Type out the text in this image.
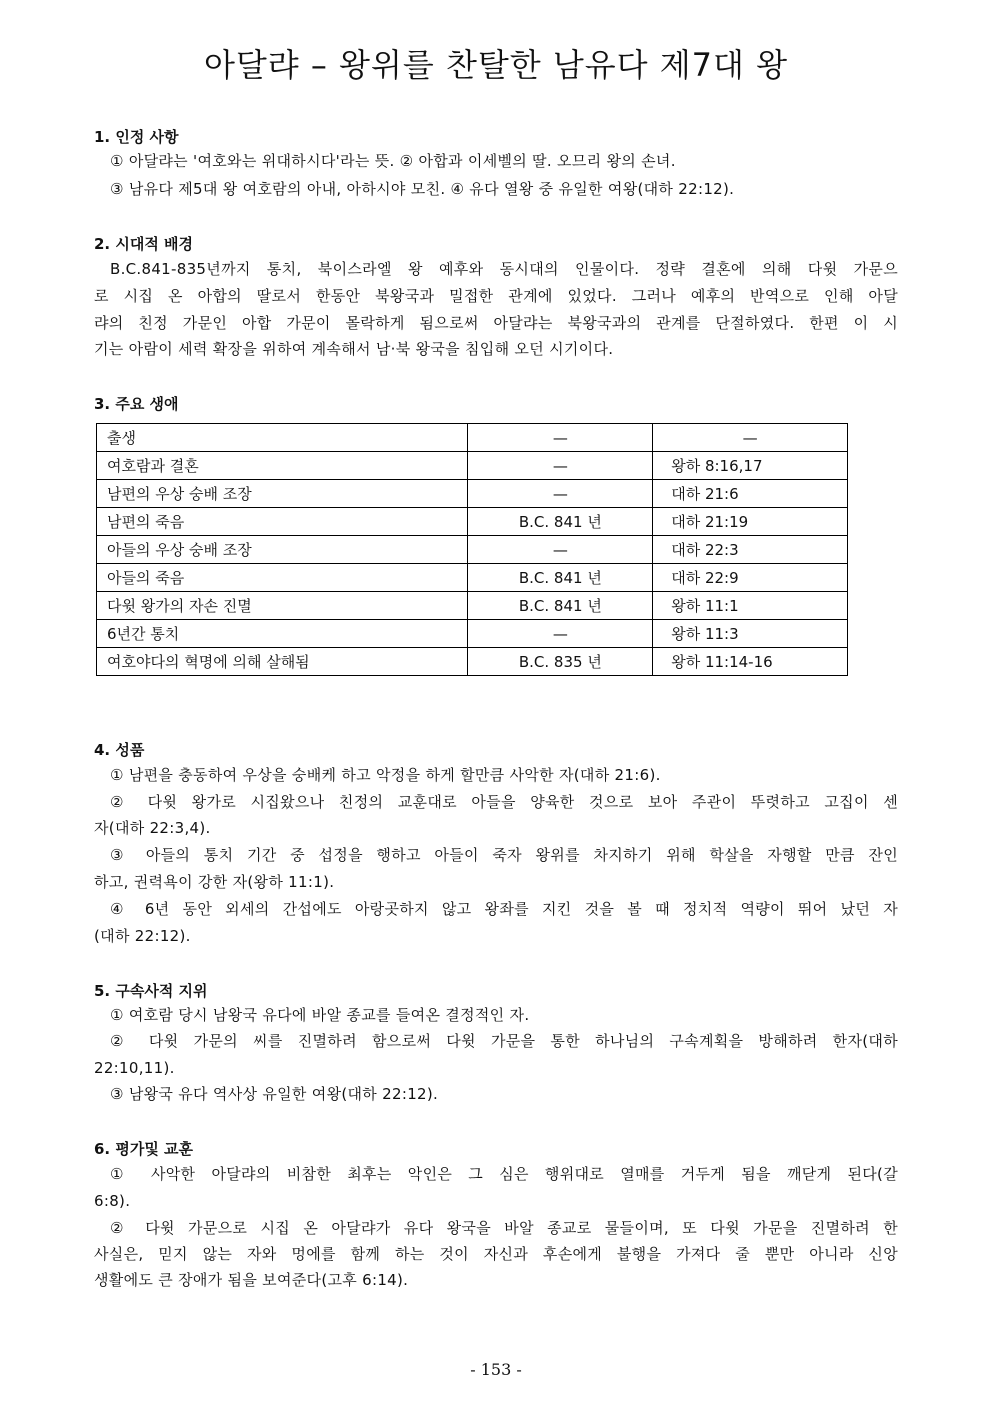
아달랴 – 왕위를 찬탈한 남유다 제7대 왕
1. 인정 사항
① 아달랴는 '여호와는 위대하시다'라는 뜻. ② 아합과 이세벨의 딸. 오므리 왕의 손녀.
③ 남유다 제5대 왕 여호람의 아내, 아하시야 모친. ④ 유다 열왕 중 유일한 여왕(대하 22:12).
2. 시대적 배경
B.C.841-835년까지 통치, 북이스라엘 왕 예후와 동시대의 인물이다. 정략 결혼에 의해 다윗 가문으
로 시집 온 아합의 딸로서 한동안 북왕국과 밀접한 관계에 있었다. 그러나 예후의 반역으로 인해 아달
랴의 친정 가문인 아합 가문이 몰락하게 됨으로써 아달랴는 북왕국과의 관계를 단절하였다. 한편 이 시
기는 아람이 세력 확장을 위하여 계속해서 남·북 왕국을 침입해 오던 시기이다.
3. 주요 생애
출생	—	—
여호람과 결혼	—	왕하 8:16,17
남편의 우상 숭배 조장	—	대하 21:6
남편의 죽음	B.C. 841 년	대하 21:19
아들의 우상 숭배 조장	—	대하 22:3
아들의 죽음	B.C. 841 년	대하 22:9
다윗 왕가의 자손 진멸	B.C. 841 년	왕하 11:1
6년간 통치	—	왕하 11:3
여호야다의 혁명에 의해 살해됨	B.C. 835 년	왕하 11:14-16
4. 성품
① 남편을 충동하여 우상을 숭배케 하고 악정을 하게 할만큼 사악한 자(대하 21:6).
② 다윗 왕가로 시집왔으나 친정의 교훈대로 아들을 양육한 것으로 보아 주관이 뚜렷하고 고집이 센
자(대하 22:3,4).
③ 아들의 통치 기간 중 섭정을 행하고 아들이 죽자 왕위를 차지하기 위해 학살을 자행할 만큼 잔인
하고, 권력욕이 강한 자(왕하 11:1).
④ 6년 동안 외세의 간섭에도 아랑곳하지 않고 왕좌를 지킨 것을 볼 때 정치적 역량이 뛰어 났던 자
(대하 22:12).
5. 구속사적 지위
① 여호람 당시 남왕국 유다에 바알 종교를 들여온 결정적인 자.
② 다윗 가문의 씨를 진멸하려 함으로써 다윗 가문을 통한 하나님의 구속계획을 방해하려 한자(대하
22:10,11).
③ 남왕국 유다 역사상 유일한 여왕(대하 22:12).
6. 평가및 교훈
① 사악한 아달랴의 비참한 최후는 악인은 그 심은 행위대로 열매를 거두게 됨을 깨닫게 된다(갈
6:8).
② 다윗 가문으로 시집 온 아달랴가 유다 왕국을 바알 종교로 물들이며, 또 다윗 가문을 진멸하려 한
사실은, 믿지 않는 자와 멍에를 함께 하는 것이 자신과 후손에게 불행을 가져다 줄 뿐만 아니라 신앙
생활에도 큰 장애가 됨을 보여준다(고후 6:14).
- 153 -
